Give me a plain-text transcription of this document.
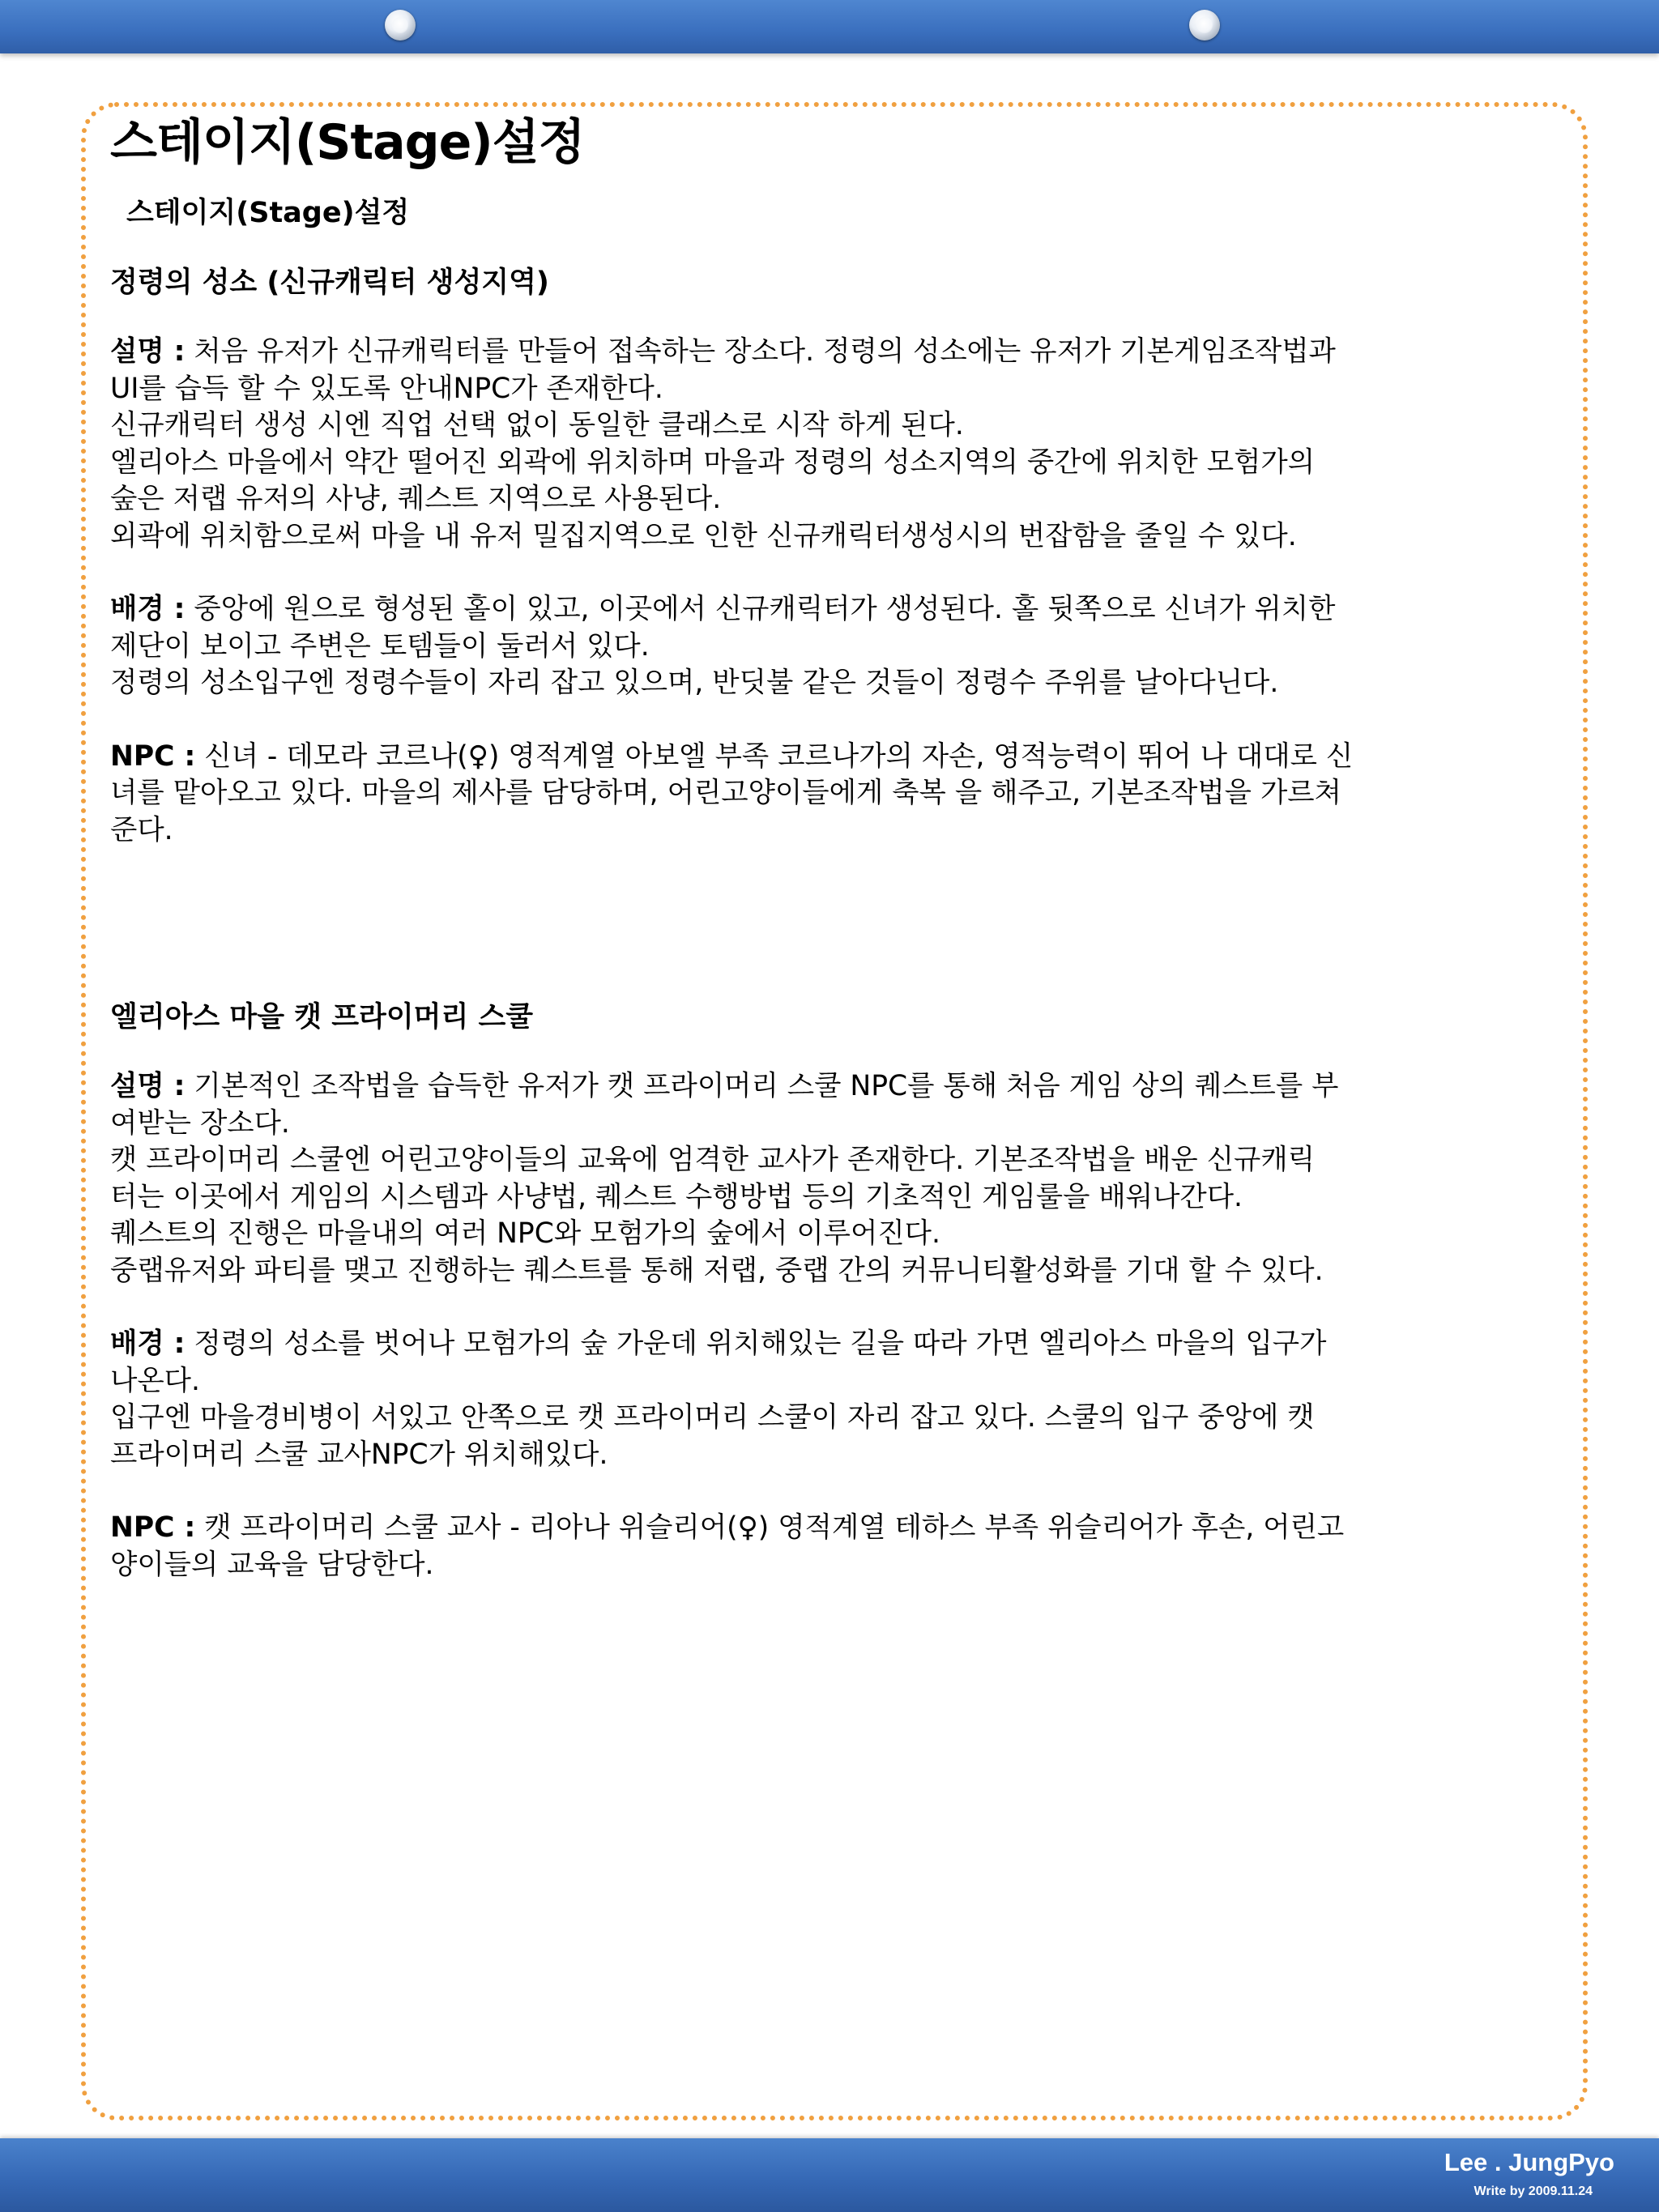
스테이지(Stage)설정
스테이지(Stage)설정
정령의 성소 (신규캐릭터 생성지역)
설명 : 처음 유저가 신규캐릭터를 만들어 접속하는 장소다. 정령의 성소에는 유저가 기본게임조작법과
UI를 습득 할 수 있도록 안내NPC가 존재한다.
신규캐릭터 생성 시엔 직업 선택 없이 동일한 클래스로 시작 하게 된다.
엘리아스 마을에서 약간 떨어진 외곽에 위치하며 마을과 정령의 성소지역의 중간에 위치한 모험가의
숲은 저랩 유저의 사냥, 퀘스트 지역으로 사용된다.
외곽에 위치함으로써 마을 내 유저 밀집지역으로 인한 신규캐릭터생성시의 번잡함을 줄일 수 있다.
배경 : 중앙에 원으로 형성된 홀이 있고, 이곳에서 신규캐릭터가 생성된다. 홀 뒷쪽으로 신녀가 위치한
제단이 보이고 주변은 토템들이 둘러서 있다.
정령의 성소입구엔 정령수들이 자리 잡고 있으며, 반딧불 같은 것들이 정령수 주위를 날아다닌다.
NPC : 신녀 - 데모라 코르나(♀) 영적계열 아보엘 부족 코르나가의 자손, 영적능력이 뛰어 나 대대로 신
녀를 맡아오고 있다. 마을의 제사를 담당하며, 어린고양이들에게 축복 을 해주고, 기본조작법을 가르쳐
준다.
엘리아스 마을 캣 프라이머리 스쿨
설명 : 기본적인 조작법을 습득한 유저가 캣 프라이머리 스쿨 NPC를 통해 처음 게임 상의 퀘스트를 부
여받는 장소다.
캣 프라이머리 스쿨엔 어린고양이들의 교육에 엄격한 교사가 존재한다. 기본조작법을 배운 신규캐릭
터는 이곳에서 게임의 시스템과 사냥법, 퀘스트 수행방법 등의 기초적인 게임룰을 배워나간다.
퀘스트의 진행은 마을내의 여러 NPC와 모험가의 숲에서 이루어진다.
중랩유저와 파티를 맺고 진행하는 퀘스트를 통해 저랩, 중랩 간의 커뮤니티활성화를 기대 할 수 있다.
배경 : 정령의 성소를 벗어나 모험가의 숲 가운데 위치해있는 길을 따라 가면 엘리아스 마을의 입구가
나온다.
입구엔 마을경비병이 서있고 안쪽으로 캣 프라이머리 스쿨이 자리 잡고 있다. 스쿨의 입구 중앙에 캣
프라이머리 스쿨 교사NPC가 위치해있다.
NPC : 캣 프라이머리 스쿨 교사 - 리아나 위슬리어(♀) 영적계열 테하스 부족 위슬리어가 후손, 어린고
양이들의 교육을 담당한다.
Lee . JungPyo
Write by 2009.11.24
